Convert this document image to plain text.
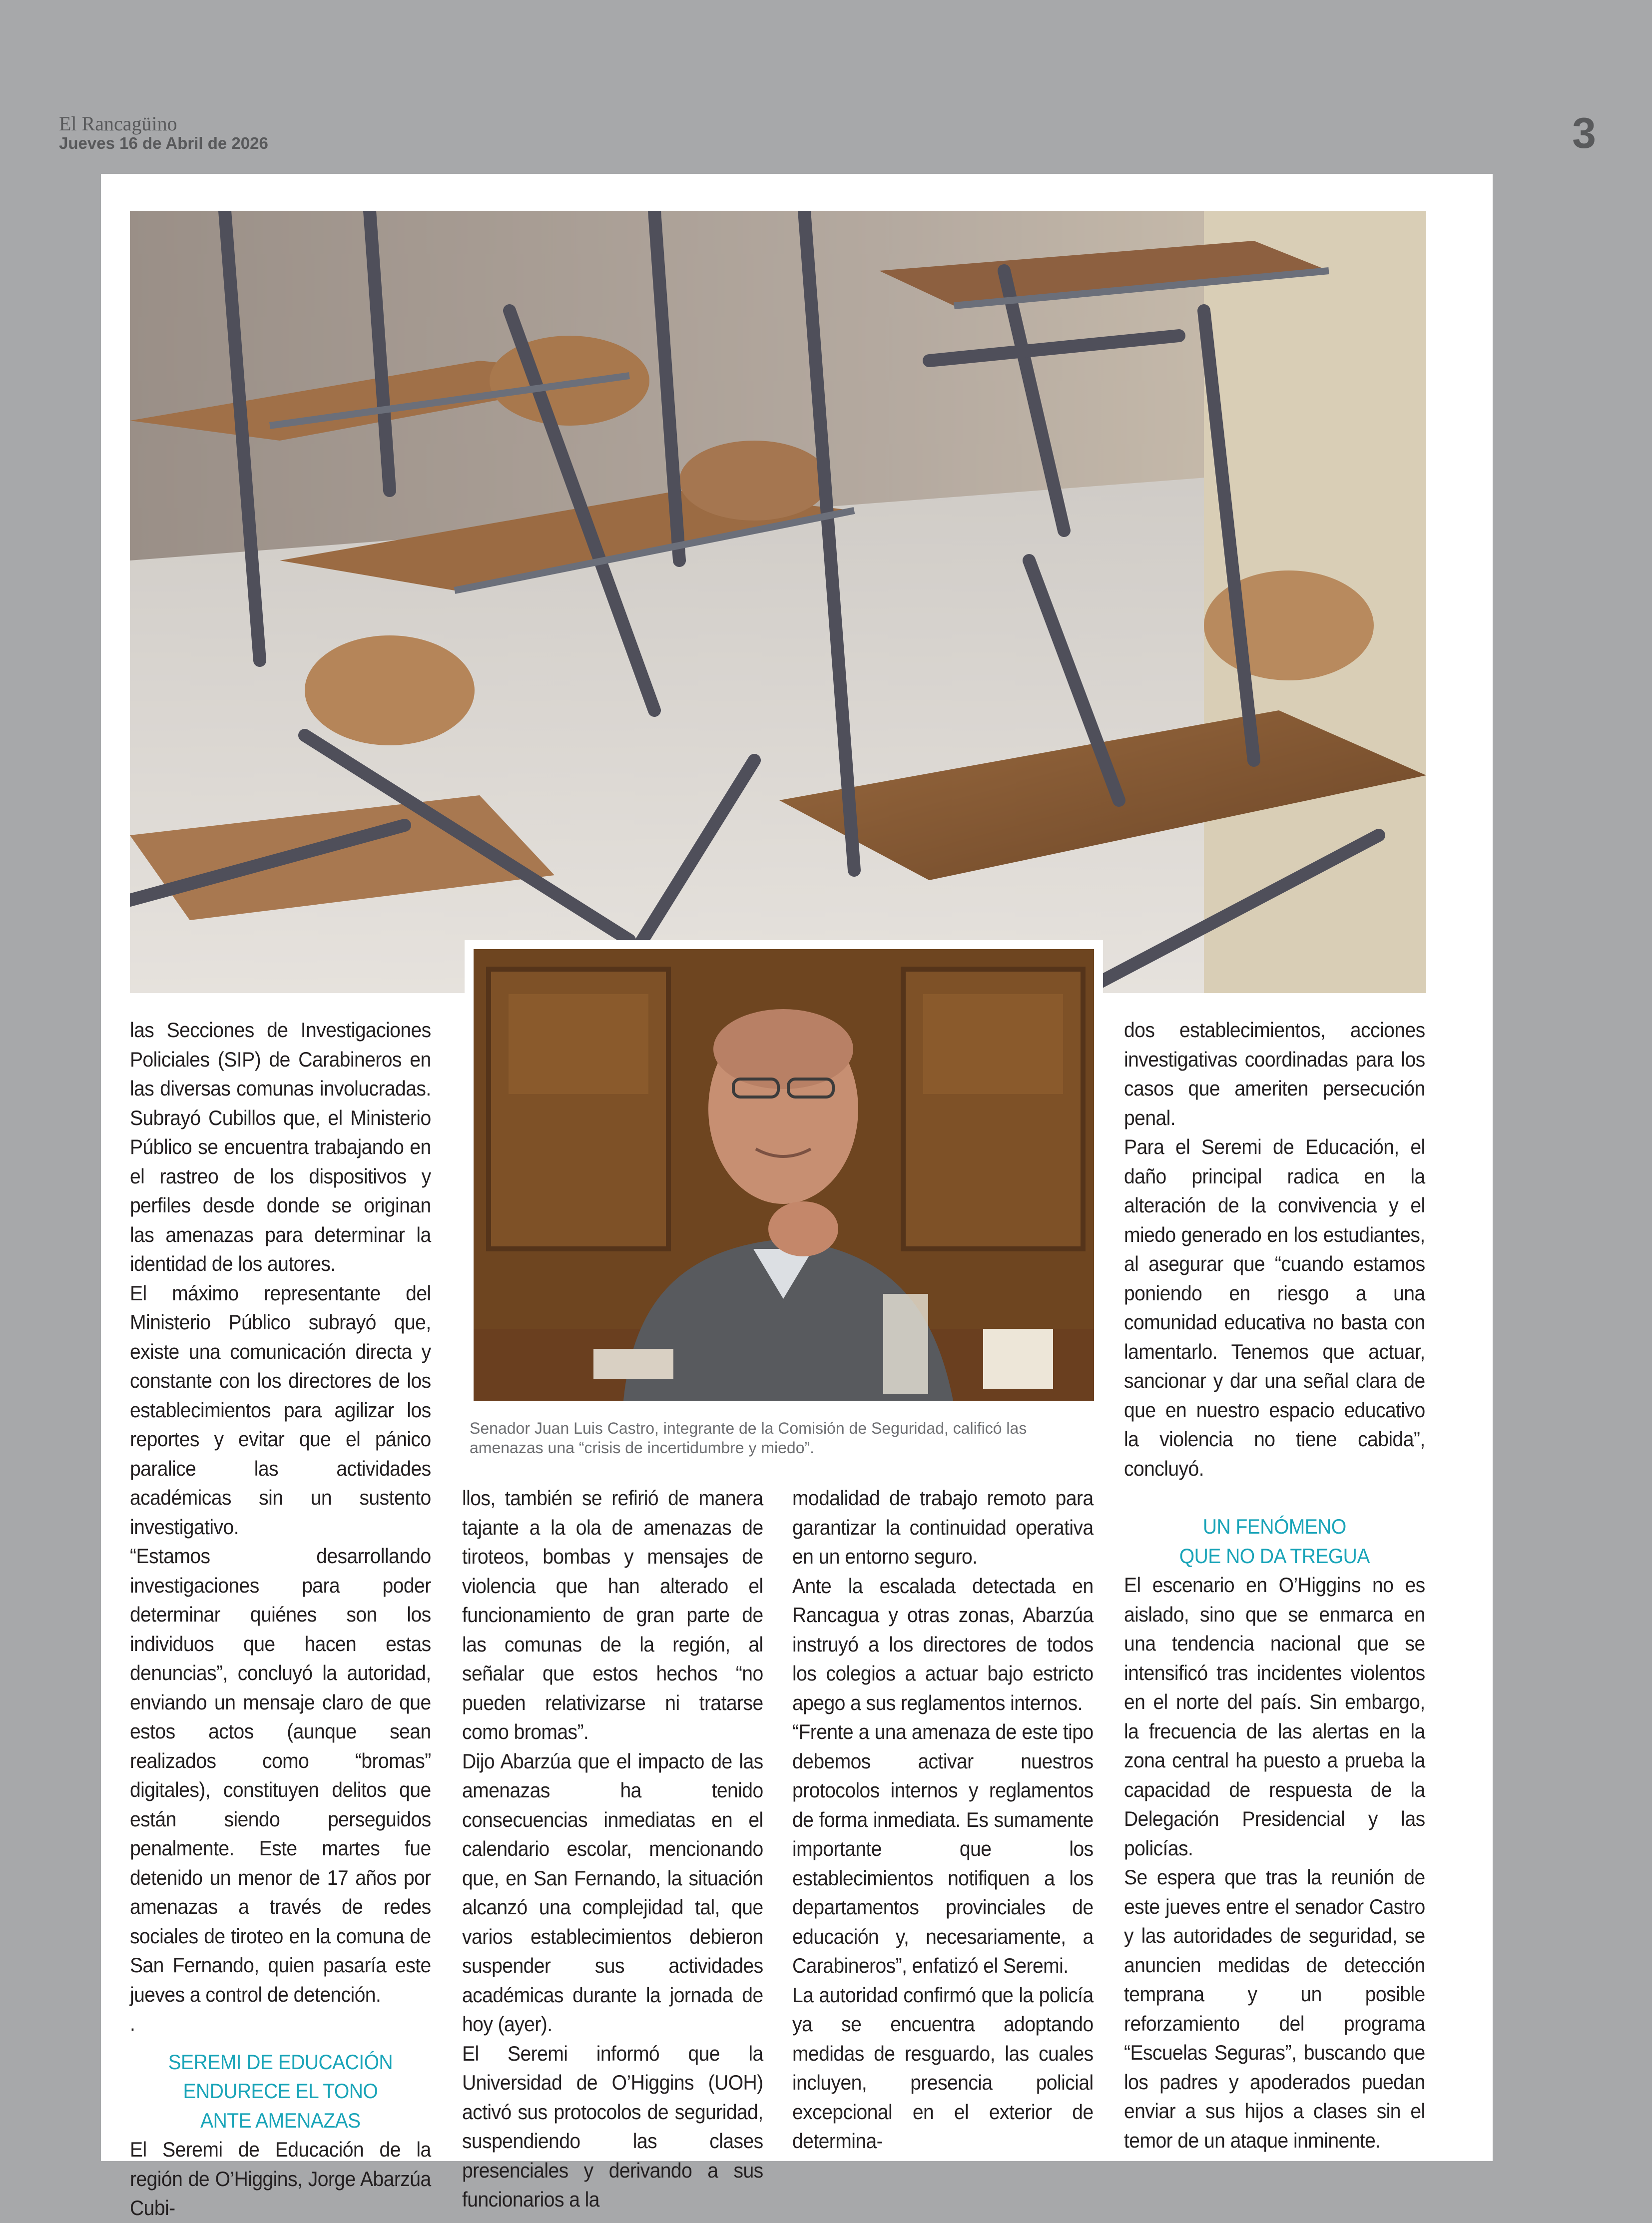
El Rancagüino
Jueves 16 de Abril de 2026	3
Senador Juan Luis Castro, integrante de la Comisión de Seguridad, calificó las amenazas una “crisis de incertidumbre y miedo”.

las Secciones de Investigaciones Policiales (SIP) de Carabineros en las diversas comunas involucradas. Subrayó Cubillos que, el Ministerio Público se encuentra trabajando en el rastreo de los dispositivos y perfiles desde donde se originan las amenazas para determinar la identidad de los autores.

El máximo representante del Ministerio Público subrayó que, existe una comunicación directa y constante con los directores de los establecimientos para agilizar los reportes y evitar que el pánico paralice las actividades académicas sin un sustento investigativo.

“Estamos desarrollando investigaciones para poder determinar quiénes son los individuos que hacen estas denuncias”, concluyó la autoridad, enviando un mensaje claro de que estos actos (aunque sean realizados como “bromas” digitales), constituyen delitos que están siendo perseguidos penalmente. Este martes fue detenido un menor de 17 años por amenazas a través de redes sociales de tiroteo en la comuna de San Fernando, quien pasaría este jueves a control de detención.

.

SEREMI DE EDUCACIÓN

ENDURECE EL TONO

ANTE AMENAZAS

El Seremi de Educación de la región de O’Higgins, Jorge Abarzúa Cubi-

llos, también se refirió de manera tajante a la ola de amenazas de tiroteos, bombas y mensajes de violencia que han alterado el funcionamiento de gran parte de las comunas de la región, al señalar que estos hechos “no pueden relativizarse ni tratarse como bromas”.

Dijo Abarzúa que el impacto de las amenazas ha tenido consecuencias inmediatas en el calendario escolar, mencionando que, en San Fernando, la situación alcanzó una complejidad tal, que varios establecimientos debieron suspender sus actividades académicas durante la jornada de hoy (ayer).

El Seremi informó que la Universidad de O’Higgins (UOH) activó sus protocolos de seguridad, suspendiendo las clases presenciales y derivando a sus funcionarios a la

modalidad de trabajo remoto para garantizar la continuidad operativa en un entorno seguro.

Ante la escalada detectada en Rancagua y otras zonas, Abarzúa instruyó a los directores de todos los colegios a actuar bajo estricto apego a sus reglamentos internos.

“Frente a una amenaza de este tipo debemos activar nuestros protocolos internos y reglamentos de forma inmediata. Es sumamente importante que los establecimientos notifiquen a los departamentos provinciales de educación y, necesariamente, a Carabineros”, enfatizó el Seremi.

La autoridad confirmó que la policía ya se encuentra adoptando medidas de resguardo, las cuales incluyen, presencia policial excepcional en el exterior de determina-

dos establecimientos, acciones investigativas coordinadas para los casos que ameriten persecución penal.

Para el Seremi de Educación, el daño principal radica en la alteración de la convivencia y el miedo generado en los estudiantes, al asegurar que “cuando estamos poniendo en riesgo a una comunidad educativa no basta con lamentarlo. Tenemos que actuar, sancionar y dar una señal clara de que en nuestro espacio educativo la violencia no tiene cabida”, concluyó.

UN FENÓMENO

QUE NO DA TREGUA

El escenario en O’Higgins no es aislado, sino que se enmarca en una tendencia nacional que se intensificó tras incidentes violentos en el norte del país. Sin embargo, la frecuencia de las alertas en la zona central ha puesto a prueba la capacidad de respuesta de la Delegación Presidencial y las policías.

Se espera que tras la reunión de este jueves entre el senador Castro y las autoridades de seguridad, se anuncien medidas de detección temprana y un posible reforzamiento del programa “Escuelas Seguras”, buscando que los padres y apoderados puedan enviar a sus hijos a clases sin el temor de un ataque inminente.
